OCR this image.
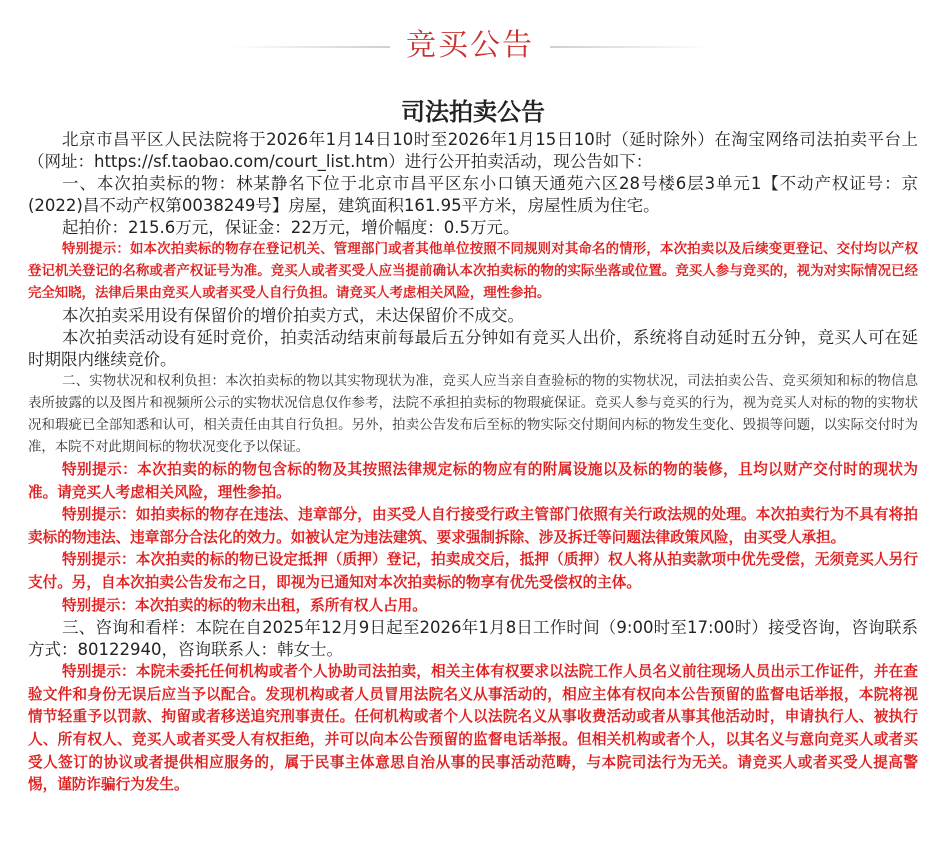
竞买公告
司法拍卖公告

北京市昌平区人民法院将于2026年1月14日10时至2026年1月15日10时（延时除外）在淘宝网络司法拍卖平台上（网址：https://sf.taobao.com/court_list.htm）进行公开拍卖活动，现公告如下：

一、本次拍卖标的物：林某静名下位于北京市昌平区东小口镇天通苑六区28号楼6层3单元1【不动产权证号：京(2022)昌不动产权第0038249号】房屋，建筑面积161.95平方米，房屋性质为住宅。

起拍价：215.6万元，保证金：22万元，增价幅度：0.5万元。

特别提示：如本次拍卖标的物存在登记机关、管理部门或者其他单位按照不同规则对其命名的情形，本次拍卖以及后续变更登记、交付均以产权登记机关登记的名称或者产权证号为准。竞买人或者买受人应当提前确认本次拍卖标的物的实际坐落或位置。竞买人参与竞买的，视为对实际情况已经完全知晓，法律后果由竞买人或者买受人自行负担。请竞买人考虑相关风险，理性参拍。

本次拍卖采用设有保留价的增价拍卖方式，未达保留价不成交。

本次拍卖活动设有延时竞价，拍卖活动结束前每最后五分钟如有竞买人出价，系统将自动延时五分钟，竞买人可在延时期限内继续竞价。

二、实物状况和权利负担：本次拍卖标的物以其实物现状为准，竞买人应当亲自查验标的物的实物状况，司法拍卖公告、竞买须知和标的物信息表所披露的以及图片和视频所公示的实物状况信息仅作参考，法院不承担拍卖标的物瑕疵保证。竞买人参与竞买的行为，视为竞买人对标的物的实物状况和瑕疵已全部知悉和认可，相关责任由其自行负担。另外，拍卖公告发布后至标的物实际交付期间内标的物发生变化、毁损等问题，以实际交付时为准，本院不对此期间标的物状况变化予以保证。

特别提示：本次拍卖的标的物包含标的物及其按照法律规定标的物应有的附属设施以及标的物的装修，且均以财产交付时的现状为准。请竞买人考虑相关风险，理性参拍。

特别提示：如拍卖标的物存在违法、违章部分，由买受人自行接受行政主管部门依照有关行政法规的处理。本次拍卖行为不具有将拍卖标的物违法、违章部分合法化的效力。如被认定为违法建筑、要求强制拆除、涉及拆迁等问题法律政策风险，由买受人承担。

特别提示：本次拍卖的标的物已设定抵押（质押）登记，拍卖成交后，抵押（质押）权人将从拍卖款项中优先受偿，无须竞买人另行支付。另，自本次拍卖公告发布之日，即视为已通知对本次拍卖标的物享有优先受偿权的主体。

特别提示：本次拍卖的标的物未出租，系所有权人占用。

三、咨询和看样：本院在自2025年12月9日起至2026年1月8日工作时间（9:00时至17:00时）接受咨询，咨询联系方式：80122940，咨询联系人：韩女士。

特别提示：本院未委托任何机构或者个人协助司法拍卖，相关主体有权要求以法院工作人员名义前往现场人员出示工作证件，并在查验文件和身份无误后应当予以配合。发现机构或者人员冒用法院名义从事活动的，相应主体有权向本公告预留的监督电话举报，本院将视情节轻重予以罚款、拘留或者移送追究刑事责任。任何机构或者个人以法院名义从事收费活动或者从事其他活动时，申请执行人、被执行人、所有权人、竞买人或者买受人有权拒绝，并可以向本公告预留的监督电话举报。但相关机构或者个人，以其名义与意向竞买人或者买受人签订的协议或者提供相应服务的，属于民事主体意思自治从事的民事活动范畴，与本院司法行为无关。请竞买人或者买受人提高警惕，谨防诈骗行为发生。
